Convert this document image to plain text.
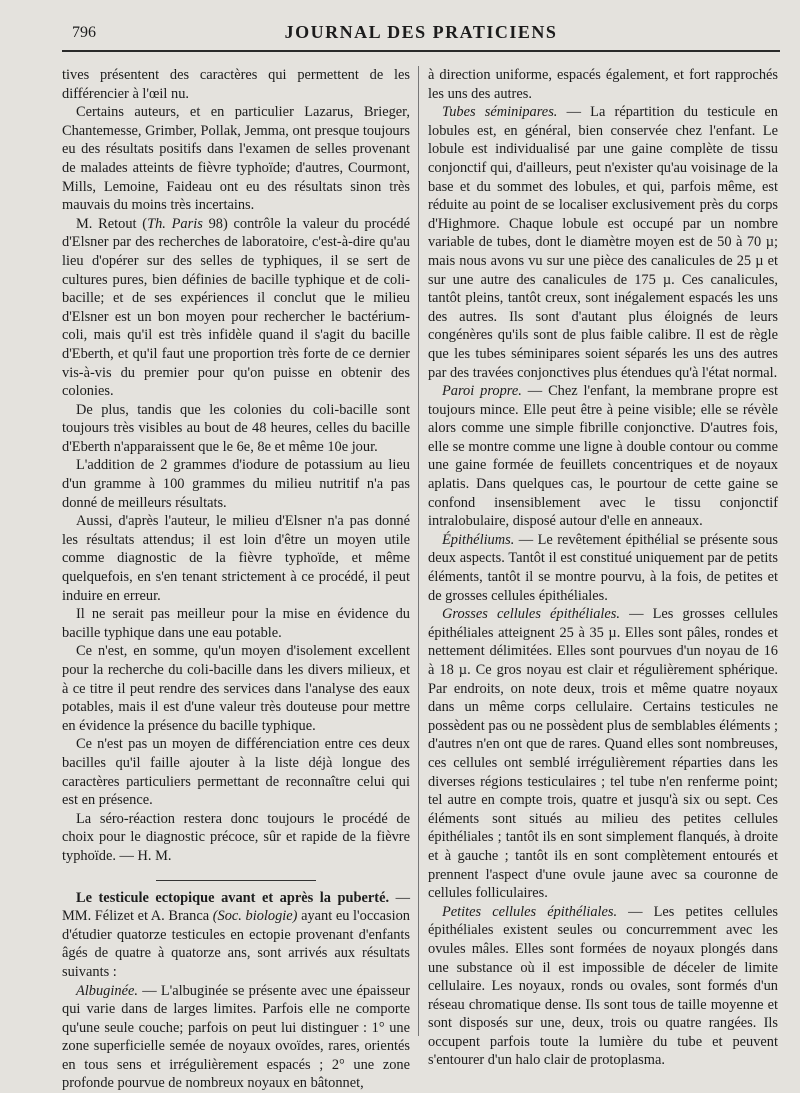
796	JOURNAL DES PRATICIENS

tives présentent des caractères qui permettent de les différencier à l'œil nu.

Certains auteurs, et en particulier Lazarus, Brieger, Chantemesse, Grimber, Pollak, Jemma, ont presque toujours eu des résultats positifs dans l'examen de selles provenant de malades atteints de fièvre typhoïde; d'autres, Courmont, Mills, Lemoine, Faideau ont eu des résultats sinon très mauvais du moins très incertains.

M. Retout (Th. Paris 98) contrôle la valeur du procédé d'Elsner par des recherches de laboratoire, c'est-à-dire qu'au lieu d'opérer sur des selles de typhiques, il se sert de cultures pures, bien définies de bacille typhique et de coli-bacille; et de ses expériences il conclut que le milieu d'Elsner est un bon moyen pour rechercher le bactérium-coli, mais qu'il est très infidèle quand il s'agit du bacille d'Eberth, et qu'il faut une proportion très forte de ce dernier vis-à-vis du premier pour qu'on puisse en obtenir des colonies.

De plus, tandis que les colonies du coli-bacille sont toujours très visibles au bout de 48 heures, celles du bacille d'Eberth n'apparaissent que le 6e, 8e et même 10e jour.

L'addition de 2 grammes d'iodure de potassium au lieu d'un gramme à 100 grammes du milieu nutritif n'a pas donné de meilleurs résultats.

Aussi, d'après l'auteur, le milieu d'Elsner n'a pas donné les résultats attendus; il est loin d'être un moyen utile comme diagnostic de la fièvre typhoïde, et même quelquefois, en s'en tenant strictement à ce procédé, il peut induire en erreur.

Il ne serait pas meilleur pour la mise en évidence du bacille typhique dans une eau potable.

Ce n'est, en somme, qu'un moyen d'isolement excellent pour la recherche du coli-bacille dans les divers milieux, et à ce titre il peut rendre des services dans l'analyse des eaux potables, mais il est d'une valeur très douteuse pour mettre en évidence la présence du bacille typhique.

Ce n'est pas un moyen de différenciation entre ces deux bacilles qu'il faille ajouter à la liste déjà longue des caractères particuliers permettant de reconnaître celui qui est en présence.

La séro-réaction restera donc toujours le procédé de choix pour le diagnostic précoce, sûr et rapide de la fièvre typhoïde. — H. M.

Le testicule ectopique avant et après la puberté. — MM. Félizet et A. Branca (Soc. biologie) ayant eu l'occasion d'étudier quatorze testicules en ectopie provenant d'enfants âgés de quatre à quatorze ans, sont arrivés aux résultats suivants :

Albuginée. — L'albuginée se présente avec une épaisseur qui varie dans de larges limites. Parfois elle ne comporte qu'une seule couche; parfois on peut lui distinguer : 1° une zone superficielle semée de noyaux ovoïdes, rares, orientés en tous sens et irrégulièrement espacés ; 2° une zone profonde pourvue de nombreux noyaux en bâtonnet,

à direction uniforme, espacés également, et fort rapprochés les uns des autres.

Tubes séminipares. — La répartition du testicule en lobules est, en général, bien conservée chez l'enfant. Le lobule est individualisé par une gaine complète de tissu conjonctif qui, d'ailleurs, peut n'exister qu'au voisinage de la base et du sommet des lobules, et qui, parfois même, est réduite au point de se localiser exclusivement près du corps d'Highmore. Chaque lobule est occupé par un nombre variable de tubes, dont le diamètre moyen est de 50 à 70 µ; mais nous avons vu sur une pièce des canalicules de 25 µ et sur une autre des canalicules de 175 µ. Ces canalicules, tantôt pleins, tantôt creux, sont inégalement espacés les uns des autres. Ils sont d'autant plus éloignés de leurs congénères qu'ils sont de plus faible calibre. Il est de règle que les tubes séminipares soient séparés les uns des autres par des travées conjonctives plus étendues qu'à l'état normal.

Paroi propre. — Chez l'enfant, la membrane propre est toujours mince. Elle peut être à peine visible; elle se révèle alors comme une simple fibrille conjonctive. D'autres fois, elle se montre comme une ligne à double contour ou comme une gaine formée de feuillets concentriques et de noyaux aplatis. Dans quelques cas, le pourtour de cette gaine se confond insensiblement avec le tissu conjonctif intralobulaire, disposé autour d'elle en anneaux.

Épithéliums. — Le revêtement épithélial se présente sous deux aspects. Tantôt il est constitué uniquement par de petits éléments, tantôt il se montre pourvu, à la fois, de petites et de grosses cellules épithéliales.

Grosses cellules épithéliales. — Les grosses cellules épithéliales atteignent 25 à 35 µ. Elles sont pâles, rondes et nettement délimitées. Elles sont pourvues d'un noyau de 16 à 18 µ. Ce gros noyau est clair et régulièrement sphérique. Par endroits, on note deux, trois et même quatre noyaux dans un même corps cellulaire. Certains testicules ne possèdent pas ou ne possèdent plus de semblables éléments ; d'autres n'en ont que de rares. Quand elles sont nombreuses, ces cellules ont semblé irrégulièrement réparties dans les diverses régions testiculaires ; tel tube n'en renferme point; tel autre en compte trois, quatre et jusqu'à six ou sept. Ces éléments sont situés au milieu des petites cellules épithéliales ; tantôt ils en sont simplement flanqués, à droite et à gauche ; tantôt ils en sont complètement entourés et prennent l'aspect d'une ovule jaune avec sa couronne de cellules folliculaires.

Petites cellules épithéliales. — Les petites cellules épithéliales existent seules ou concurremment avec les ovules mâles. Elles sont formées de noyaux plongés dans une substance où il est impossible de déceler de limite cellulaire. Les noyaux, ronds ou ovales, sont formés d'un réseau chromatique dense. Ils sont tous de taille moyenne et sont disposés sur une, deux, trois ou quatre rangées. Ils occupent parfois toute la lumière du tube et peuvent s'entourer d'un halo clair de protoplasma.
